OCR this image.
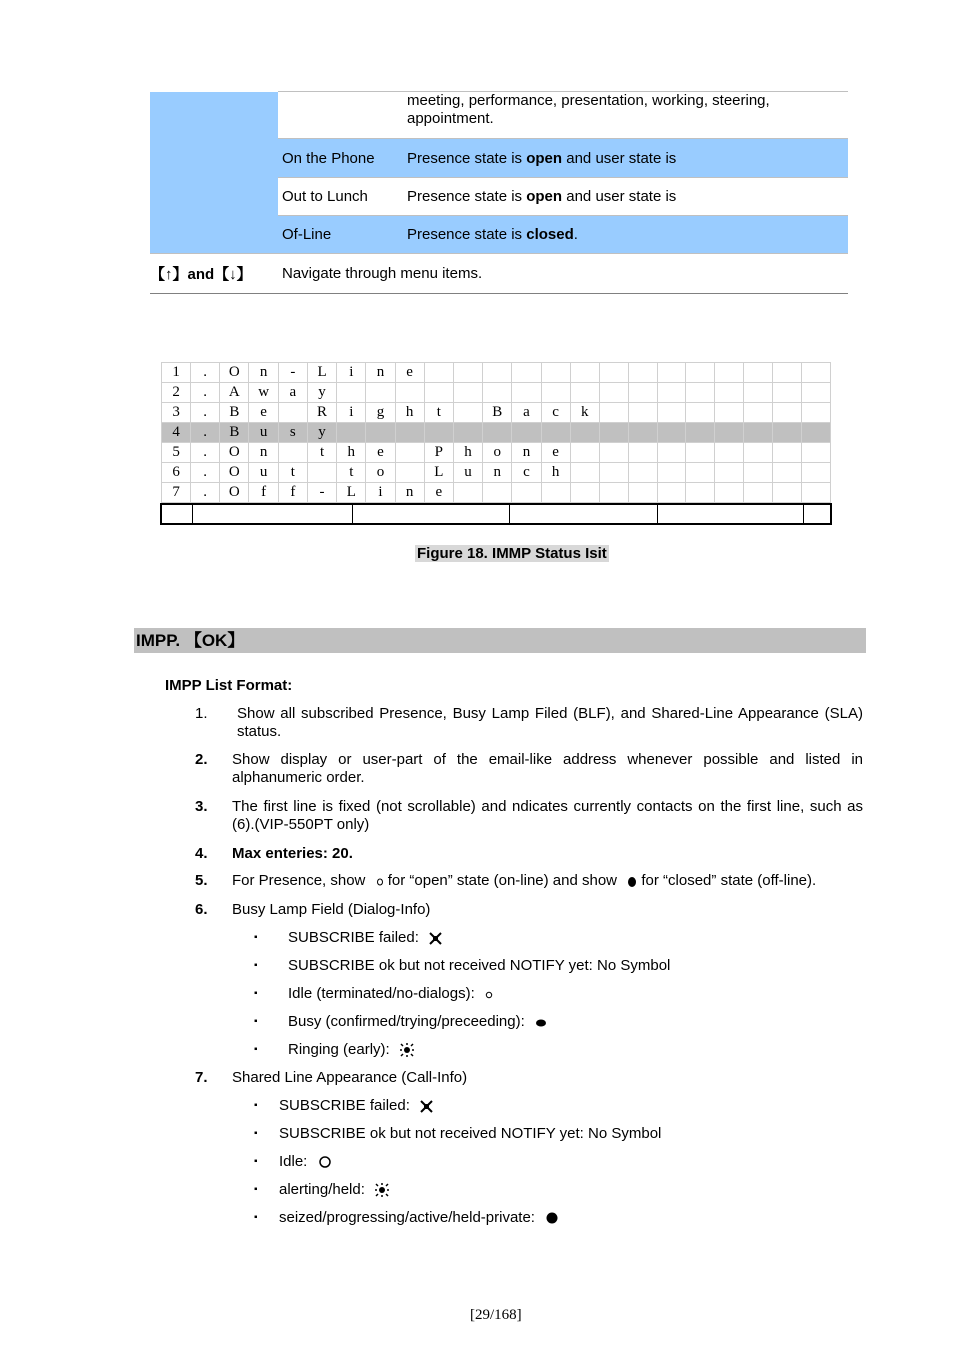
		meeting, performance, presentation, working, steering, appointment.
	On the Phone	Presence state is open and user state is
	Out to Lunch	Presence state is open and user state is
	Of-Line	Presence state is closed.
【↑】and【↓】	Navigate through menu items.	
1	.	O	n	-	L	i	n	e														
2	.	A	w	a	y																	
3	.	B	e		R	i	g	h	t		B	a	c	k								
4	.	B	u	s	y																	
5	.	O	n		t	h	e		P	h	o	n	e									
6	.	O	u	t		t	o		L	u	n	c	h									
7	.	O	f	f	-	L	i	n	e													
Figure 18. IMMP Status Isit
IMPP. 【OK】
IMPP List Format:
1. Show all subscribed Presence, Busy Lamp Filed (BLF), and Shared-Line Appearance (SLA) status.
2. Show display or user-part of the email-like address whenever possible and listed in alphanumeric order.
3. The first line is fixed (not scrollable) and ndicates currently contacts on the first line, such as (6).(VIP-550PT only)
4. Max enteries: 20.
5. For Presence, show for “open” state (on-line) and show for “closed” state (off-line).
6. Busy Lamp Field (Dialog-Info)
▪ SUBSCRIBE failed:
▪ SUBSCRIBE ok but not received NOTIFY yet: No Symbol
▪ Idle (terminated/no-dialogs):
▪ Busy (confirmed/trying/preceeding):
▪ Ringing (early):
7. Shared Line Appearance (Call-Info)
▪ SUBSCRIBE failed:
▪ SUBSCRIBE ok but not received NOTIFY yet: No Symbol
▪ Idle:
▪ alerting/held:
▪ seized/progressing/active/held-private:
[29/168]
